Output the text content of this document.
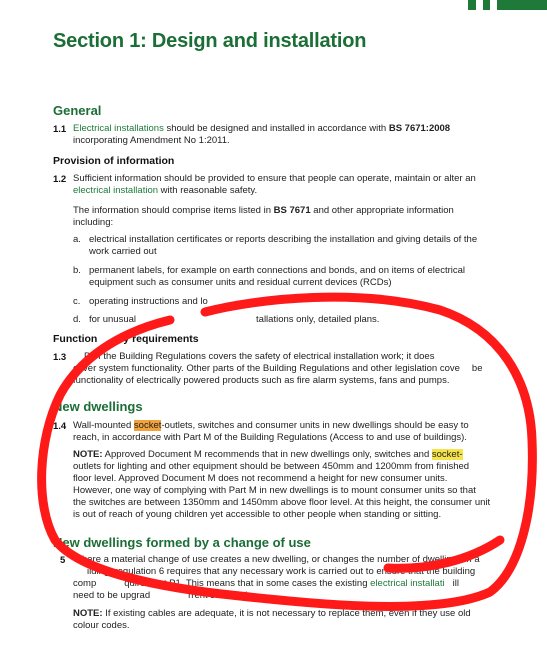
Section 1: Design and installation
General
1.1 Electrical installations should be designed and installed in accordance with BS 7671:2008
incorporating Amendment No 1:2011.

Provision of information
1.2 Sufficient information should be provided to ensure that people can operate, maintain or alter an
electrical installation with reasonable safety.

The information should comprise items listed in BS 7671 and other appropriate information
including:

a. electrical installation certificates or reports describing the installation and giving details of the
work carried out
b. permanent labels, for example on earth connections and bonds, and on items of electrical
equipment such as consumer units and residual current devices (RCDs)
c. operating instructions and lo
d. for unusual	tallations only, detailed plans.
Function y requirements
1.3 P of the Building Regulations covers the safety of electrical installation work; it does

cover system functionality. Other parts of the Building Regulations and other legislation cove be

functionality of electrically powered products such as fire alarm systems, fans and pumps.

New dwellings
1.4 Wall-mounted socket-outlets, switches and consumer units in new dwellings should be easy to
reach, in accordance with Part M of the Building Regulations (Access to and use of buildings).

NOTE: Approved Document M recommends that in new dwellings only, switches and socket-
outlets for lighting and other equipment should be between 450mm and 1200mm from finished
floor level. Approved Document M does not recommend a height for new consumer units.
However, one way of complying with Part M in new dwellings is to mount consumer units so that
the switches are between 1350mm and 1450mm above floor level. At this height, the consumer unit
is out of reach of young children yet accessible to other people when standing or sitting.

New dwellings formed by a change of use
5 Where a material change of use creates a new dwelling, or changes the number of dwellings in a
ilding, regulation 6 requires that any necessary work is carried out to ensure that the building
comp	quirement P1. This means that in some cases the existing electrical installati ill
need to be upgrad	rrent standards.

NOTE: If existing cables are adequate, it is not necessary to replace them, even if they use old
colour codes.
